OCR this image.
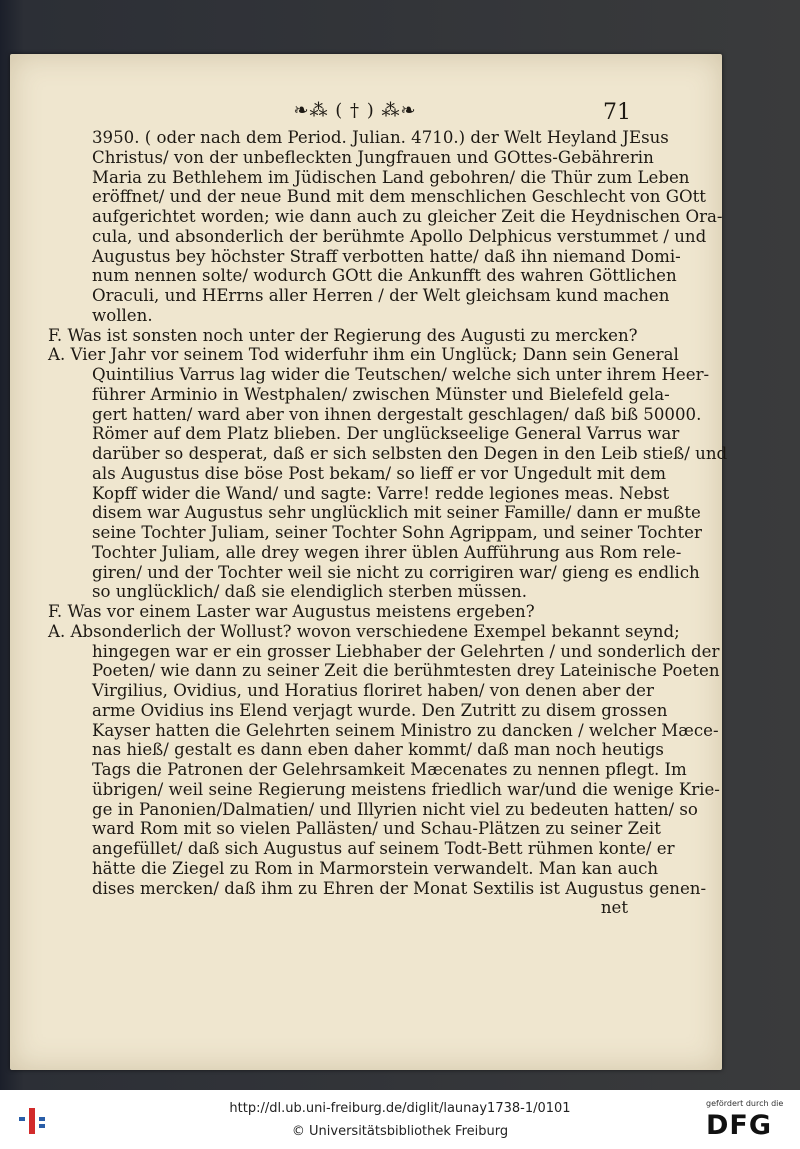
❧⁂ ( † ) ⁂❧	71
3950. ( oder nach dem Period. Julian. 4710.) der Welt Heyland JEsus
Christus/ von der unbefleckten Jungfrauen und GOttes-Gebährerin
Maria zu Bethlehem im Jüdischen Land gebohren/ die Thür zum Leben
eröffnet/ und der neue Bund mit dem menschlichen Geschlecht von GOtt
aufgerichtet worden; wie dann auch zu gleicher Zeit die Heydnischen Ora-
cula, und absonderlich der berühmte Apollo Delphicus verstummet / und
Augustus bey höchster Straff verbotten hatte/ daß ihn niemand Domi-
num nennen solte/ wodurch GOtt die Ankunfft des wahren Göttlichen
Oraculi, und HErrns aller Herren / der Welt gleichsam kund machen
wollen.
F. Was ist sonsten noch unter der Regierung des Augusti zu mercken?
A. Vier Jahr vor seinem Tod widerfuhr ihm ein Unglück; Dann sein General
Quintilius Varrus lag wider die Teutschen/ welche sich unter ihrem Heer-
führer Arminio in Westphalen/ zwischen Münster und Bielefeld gela-
gert hatten/ ward aber von ihnen dergestalt geschlagen/ daß biß 50000.
Römer auf dem Platz blieben. Der unglückseelige General Varrus war
darüber so desperat, daß er sich selbsten den Degen in den Leib stieß/ und
als Augustus dise böse Post bekam/ so lieff er vor Ungedult mit dem
Kopff wider die Wand/ und sagte: Varre! redde legiones meas. Nebst
disem war Augustus sehr unglücklich mit seiner Famille/ dann er mußte
seine Tochter Juliam, seiner Tochter Sohn Agrippam, und seiner Tochter
Tochter Juliam, alle drey wegen ihrer üblen Aufführung aus Rom rele-
giren/ und der Tochter weil sie nicht zu corrigiren war/ gieng es endlich
so unglücklich/ daß sie elendiglich sterben müssen.
F. Was vor einem Laster war Augustus meistens ergeben?
A. Absonderlich der Wollust? wovon verschiedene Exempel bekannt seynd;
hingegen war er ein grosser Liebhaber der Gelehrten / und sonderlich der
Poeten/ wie dann zu seiner Zeit die berühmtesten drey Lateinische Poeten
Virgilius, Ovidius, und Horatius floriret haben/ von denen aber der
arme Ovidius ins Elend verjagt wurde. Den Zutritt zu disem grossen
Kayser hatten die Gelehrten seinem Ministro zu dancken / welcher Mæce-
nas hieß/ gestalt es dann eben daher kommt/ daß man noch heutigs
Tags die Patronen der Gelehrsamkeit Mæcenates zu nennen pflegt. Im
übrigen/ weil seine Regierung meistens friedlich war/und die wenige Krie-
ge in Panonien/Dalmatien/ und Illyrien nicht viel zu bedeuten hatten/ so
ward Rom mit so vielen Pallästen/ und Schau-Plätzen zu seiner Zeit
angefüllet/ daß sich Augustus auf seinem Todt-Bett rühmen konte/ er
hätte die Ziegel zu Rom in Marmorstein verwandelt. Man kan auch
dises mercken/ daß ihm zu Ehren der Monat Sextilis ist Augustus genen-
net
http://dl.ub.uni-freiburg.de/diglit/launay1738-1/0101
© Universitätsbibliothek Freiburg
gefördert durch die
DFG
